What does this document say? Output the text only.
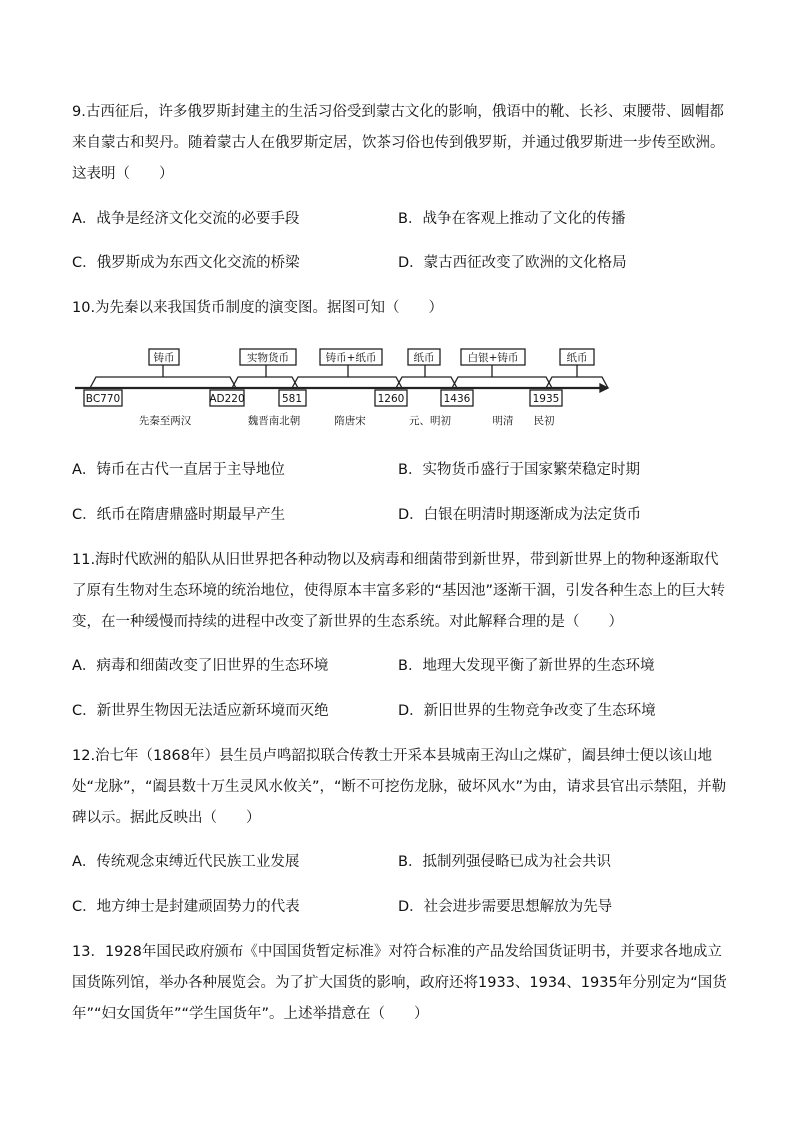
9.古西征后，许多俄罗斯封建主的生活习俗受到蒙古文化的影响，俄语中的靴、长衫、束腰带、圆帽都来自蒙古和契丹。随着蒙古人在俄罗斯定居，饮茶习俗也传到俄罗斯，并通过俄罗斯进一步传至欧洲。这表明（　　）

A．战争是经济文化交流的必要手段	B．战争在客观上推动了文化的传播
C．俄罗斯成为东西文化交流的桥梁	D．蒙古西征改变了欧洲的文化格局

10.为先秦以来我国货币制度的演变图。据图可知（　　）

铸币	实物货币	铸币+纸币	纸币	白银+铸币	纸币
BC770	AD220	581	1260	1436	1935
先秦至两汉	魏晋南北朝	隋唐宋	元、明初	明清 民初
A．铸币在古代一直居于主导地位	B．实物货币盛行于国家繁荣稳定时期
C．纸币在隋唐鼎盛时期最早产生	D．白银在明清时期逐渐成为法定货币

11.海时代欧洲的船队从旧世界把各种动物以及病毒和细菌带到新世界，带到新世界上的物种逐渐取代了原有生物对生态环境的统治地位，使得原本丰富多彩的“基因池”逐渐干涸，引发各种生态上的巨大转变，在一种缓慢而持续的进程中改变了新世界的生态系统。对此解释合理的是（　　）

A．病毒和细菌改变了旧世界的生态环境	B．地理大发现平衡了新世界的生态环境
C．新世界生物因无法适应新环境而灭绝	D．新旧世界的生物竞争改变了生态环境

12.治七年（1868年）县生员卢鸣韶拟联合传教士开采本县城南王沟山之煤矿，阖县绅士便以该山地处“龙脉”，“阖县数十万生灵风水攸关”，“断不可挖伤龙脉，破坏风水”为由，请求县官出示禁阻，并勒碑以示。据此反映出（　　）

A．传统观念束缚近代民族工业发展	B．抵制列强侵略已成为社会共识
C．地方绅士是封建顽固势力的代表	D．社会进步需要思想解放为先导

13．1928年国民政府颁布《中国国货暂定标准》对符合标准的产品发给国货证明书，并要求各地成立国货陈列馆，举办各种展览会。为了扩大国货的影响，政府还将1933、1934、1935年分别定为“国货年”“妇女国货年”“学生国货年”。上述举措意在（　　）
